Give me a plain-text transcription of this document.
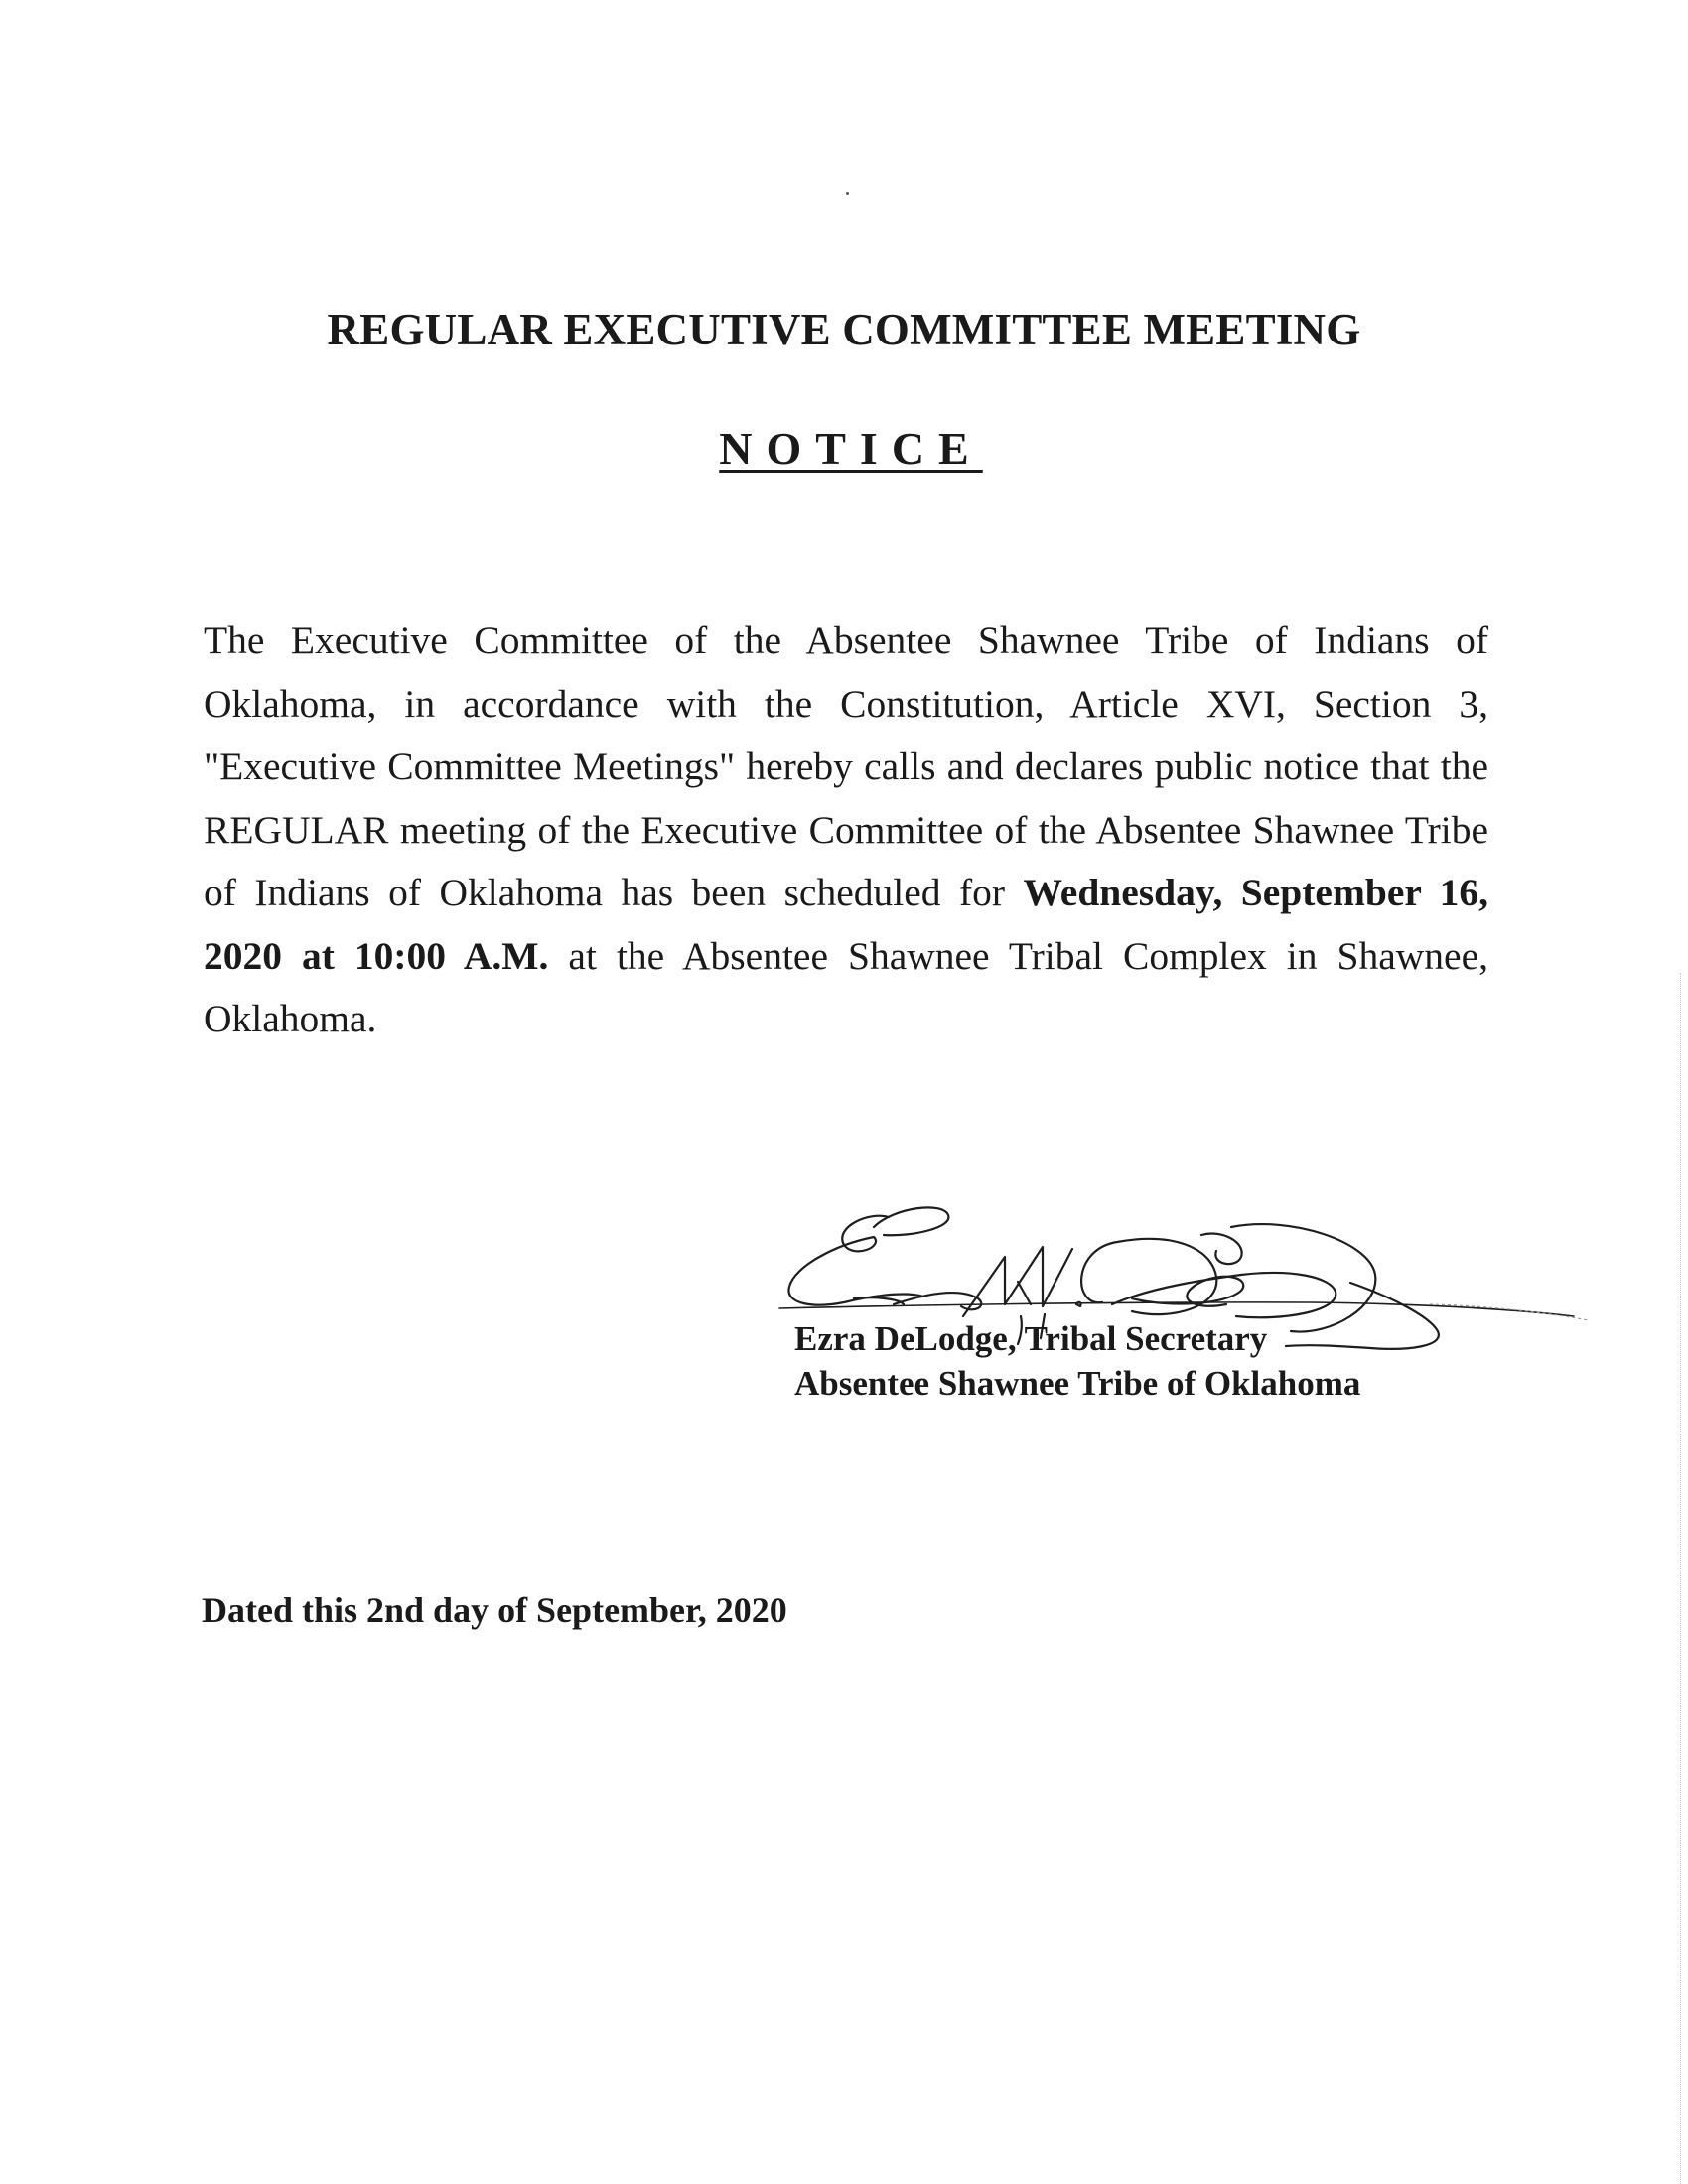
REGULAR EXECUTIVE COMMITTEE MEETING
NOTICE
The Executive Committee of the Absentee Shawnee Tribe of Indians of Oklahoma, in accordance with the Constitution, Article XVI, Section 3, "Executive Committee Meetings" hereby calls and declares public notice that the REGULAR meeting of the Executive Committee of the Absentee Shawnee Tribe of Indians of Oklahoma has been scheduled for Wednesday, September 16, 2020 at 10:00 A.M. at the Absentee Shawnee Tribal Complex in Shawnee, Oklahoma.
Ezra DeLodge, Tribal Secretary
Absentee Shawnee Tribe of Oklahoma
Dated this 2nd day of September, 2020
